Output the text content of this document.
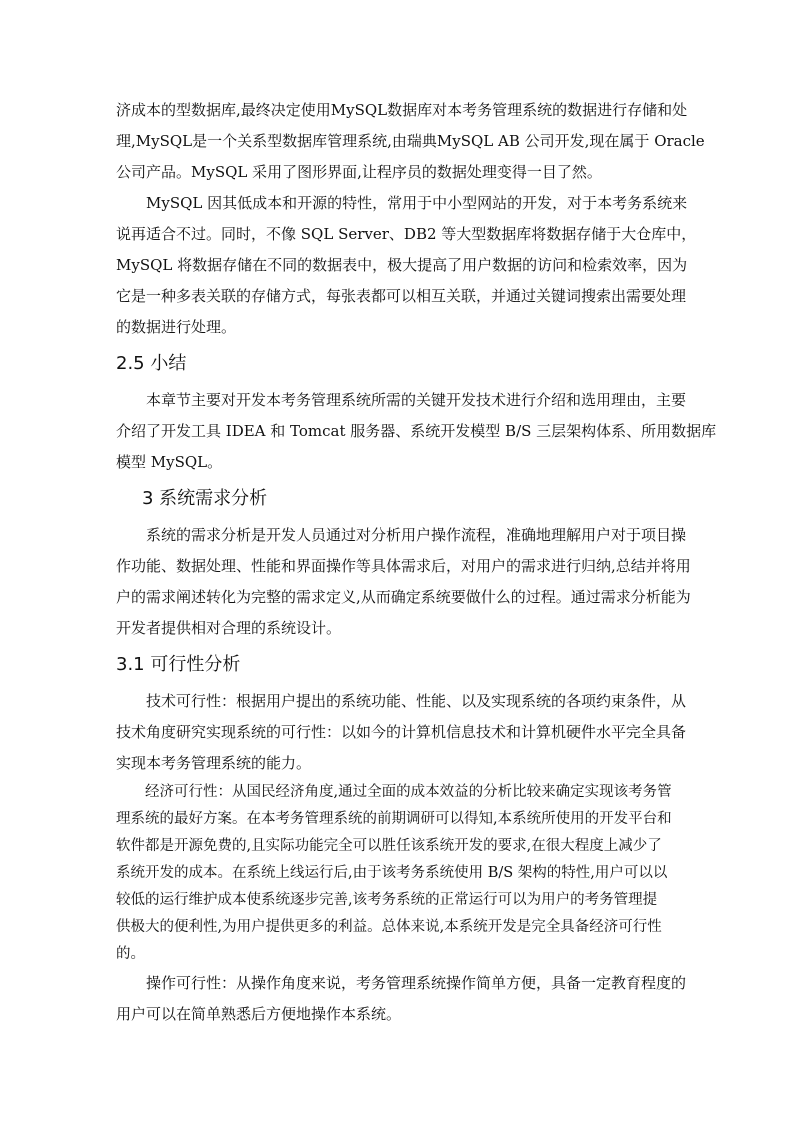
济成本的型数据库,最终决定使用MySQL数据库对本考务管理系统的数据进行存储和处
理,MySQL是一个关系型数据库管理系统,由瑞典MySQL AB 公司开发,现在属于 Oracle
公司产品。MySQL 采用了图形界面,让程序员的数据处理变得一目了然。

　　MySQL 因其低成本和开源的特性，常用于中小型网站的开发，对于本考务系统来
说再适合不过。同时，不像 SQL Server、DB2 等大型数据库将数据存储于大仓库中，
MySQL 将数据存储在不同的数据表中，极大提高了用户数据的访问和检索效率，因为
它是一种多表关联的存储方式，每张表都可以相互关联，并通过关键词搜索出需要处理
的数据进行处理。

2.5 小结

　　本章节主要对开发本考务管理系统所需的关键开发技术进行介绍和选用理由，主要
介绍了开发工具 IDEA 和 Tomcat 服务器、系统开发模型 B/S 三层架构体系、所用数据库
模型 MySQL。

3 系统需求分析

　　系统的需求分析是开发人员通过对分析用户操作流程，准确地理解用户对于项目操
作功能、数据处理、性能和界面操作等具体需求后，对用户的需求进行归纳,总结并将用
户的需求阐述转化为完整的需求定义,从而确定系统要做什么的过程。通过需求分析能为
开发者提供相对合理的系统设计。

3.1 可行性分析

　　技术可行性：根据用户提出的系统功能、性能、以及实现系统的各项约束条件，从
技术角度研究实现系统的可行性：以如今的计算机信息技术和计算机硬件水平完全具备
实现本考务管理系统的能力。

　　经济可行性：从国民经济角度,通过全面的成本效益的分析比较来确定实现该考务管
理系统的最好方案。在本考务管理系统的前期调研可以得知,本系统所使用的开发平台和
软件都是开源免费的,且实际功能完全可以胜任该系统开发的要求,在很大程度上减少了
系统开发的成本。在系统上线运行后,由于该考务系统使用 B/S 架构的特性,用户可以以
较低的运行维护成本使系统逐步完善,该考务系统的正常运行可以为用户的考务管理提
供极大的便利性,为用户提供更多的利益。总体来说,本系统开发是完全具备经济可行性
的。

　　操作可行性：从操作角度来说，考务管理系统操作简单方便，具备一定教育程度的
用户可以在简单熟悉后方便地操作本系统。
